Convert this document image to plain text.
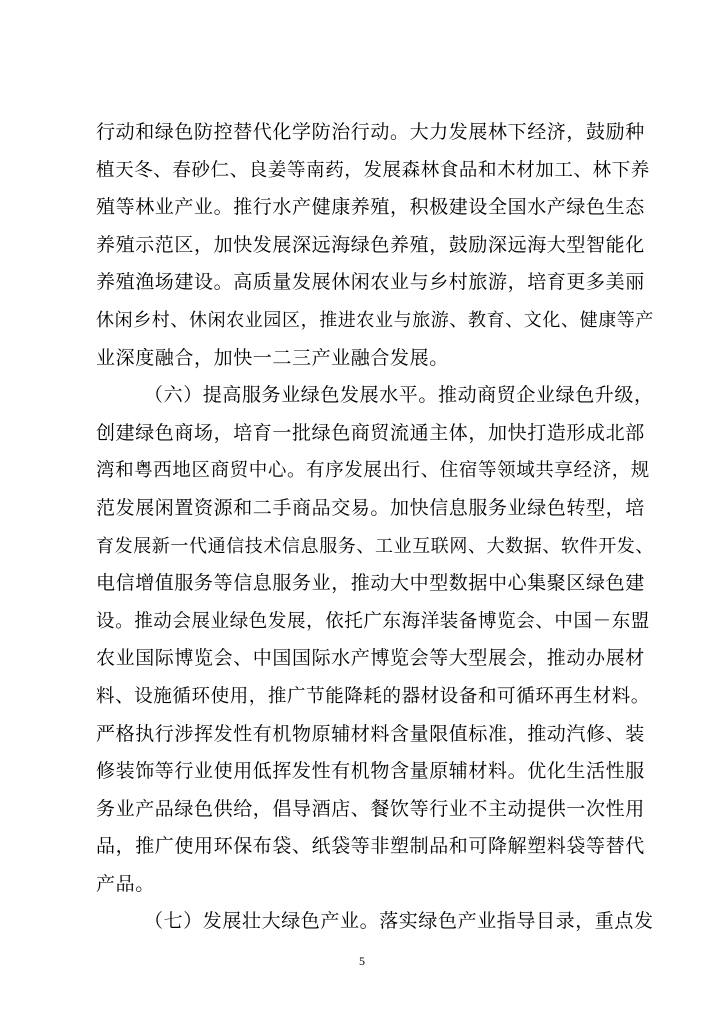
行动和绿色防控替代化学防治行动。大力发展林下经济，鼓励种
植天冬、春砂仁、良姜等南药，发展森林食品和木材加工、林下养
殖等林业产业。推行水产健康养殖，积极建设全国水产绿色生态
养殖示范区，加快发展深远海绿色养殖，鼓励深远海大型智能化
养殖渔场建设。高质量发展休闲农业与乡村旅游，培育更多美丽
休闲乡村、休闲农业园区，推进农业与旅游、教育、文化、健康等产
业深度融合，加快一二三产业融合发展。
（六）提高服务业绿色发展水平。推动商贸企业绿色升级，
创建绿色商场，培育一批绿色商贸流通主体，加快打造形成北部
湾和粤西地区商贸中心。有序发展出行、住宿等领域共享经济，规
范发展闲置资源和二手商品交易。加快信息服务业绿色转型，培
育发展新一代通信技术信息服务、工业互联网、大数据、软件开发、
电信增值服务等信息服务业，推动大中型数据中心集聚区绿色建
设。推动会展业绿色发展，依托广东海洋装备博览会、中国－东盟
农业国际博览会、中国国际水产博览会等大型展会，推动办展材
料、设施循环使用，推广节能降耗的器材设备和可循环再生材料。
严格执行涉挥发性有机物原辅材料含量限值标准，推动汽修、装
修装饰等行业使用低挥发性有机物含量原辅材料。优化生活性服
务业产品绿色供给，倡导酒店、餐饮等行业不主动提供一次性用
品，推广使用环保布袋、纸袋等非塑制品和可降解塑料袋等替代
产品。
（七）发展壮大绿色产业。落实绿色产业指导目录，重点发
5
